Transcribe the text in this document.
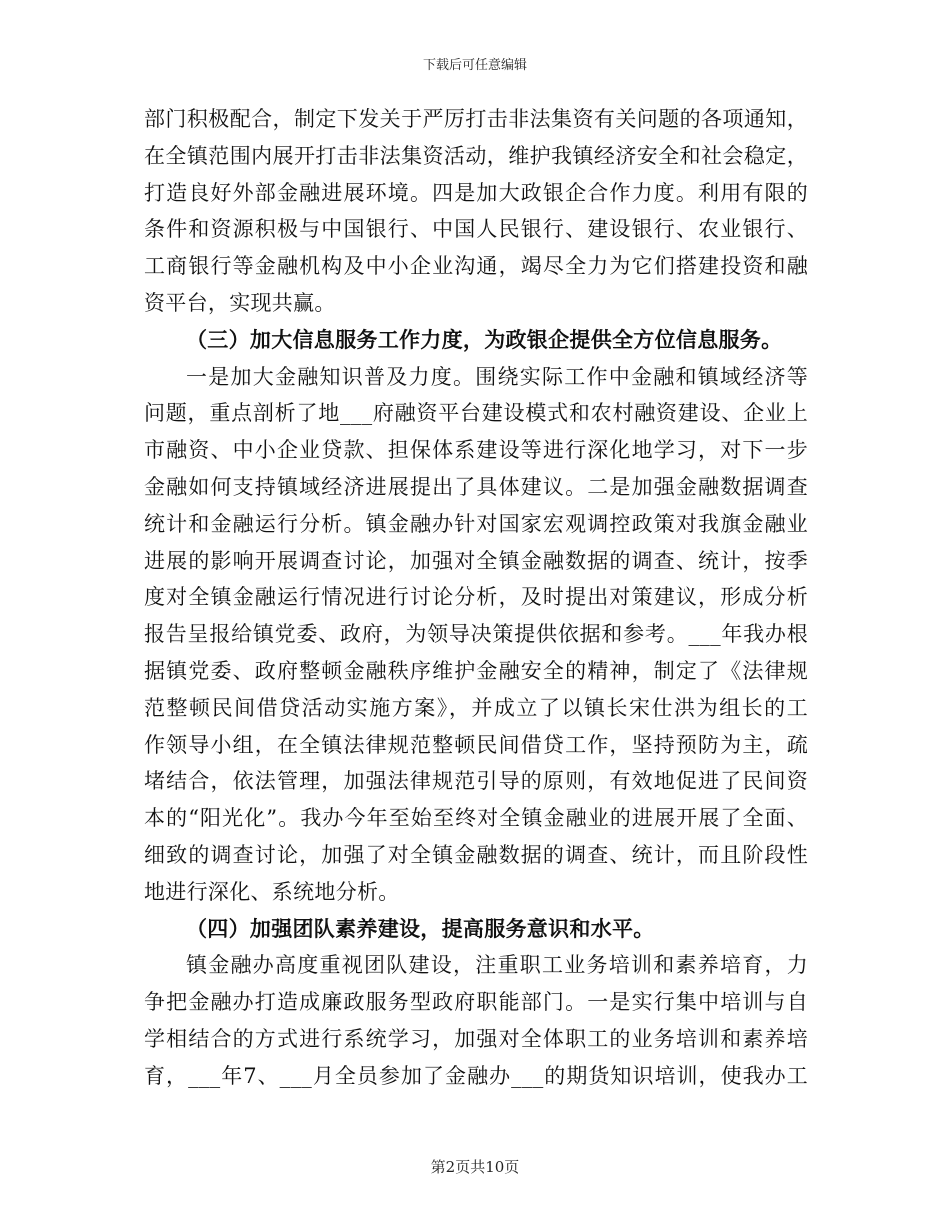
下载后可任意编辑
部门积极配合，制定下发关于严厉打击非法集资有关问题的各项通知，
在全镇范围内展开打击非法集资活动，维护我镇经济安全和社会稳定，
打造良好外部金融进展环境。四是加大政银企合作力度。利用有限的
条件和资源积极与中国银行、中国人民银行、建设银行、农业银行、
工商银行等金融机构及中小企业沟通，竭尽全力为它们搭建投资和融
资平台，实现共赢。
（三）加大信息服务工作力度，为政银企提供全方位信息服务。
一是加大金融知识普及力度。围绕实际工作中金融和镇域经济等
问题，重点剖析了地___府融资平台建设模式和农村融资建设、企业上
市融资、中小企业贷款、担保体系建设等进行深化地学习，对下一步
金融如何支持镇域经济进展提出了具体建议。二是加强金融数据调查
统计和金融运行分析。镇金融办针对国家宏观调控政策对我旗金融业
进展的影响开展调查讨论，加强对全镇金融数据的调查、统计，按季
度对全镇金融运行情况进行讨论分析，及时提出对策建议，形成分析
报告呈报给镇党委、政府，为领导决策提供依据和参考。___年我办根
据镇党委、政府整顿金融秩序维护金融安全的精神，制定了《法律规
范整顿民间借贷活动实施方案》，并成立了以镇长宋仕洪为组长的工
作领导小组，在全镇法律规范整顿民间借贷工作，坚持预防为主，疏
堵结合，依法管理，加强法律规范引导的原则，有效地促进了民间资
本的“阳光化”。我办今年至始至终对全镇金融业的进展开展了全面、
细致的调查讨论，加强了对全镇金融数据的调查、统计，而且阶段性
地进行深化、系统地分析。
（四）加强团队素养建设，提高服务意识和水平。
镇金融办高度重视团队建设，注重职工业务培训和素养培育，力
争把金融办打造成廉政服务型政府职能部门。一是实行集中培训与自
学相结合的方式进行系统学习，加强对全体职工的业务培训和素养培
育，___年7、___月全员参加了金融办___的期货知识培训，使我办工
第2页共10页
